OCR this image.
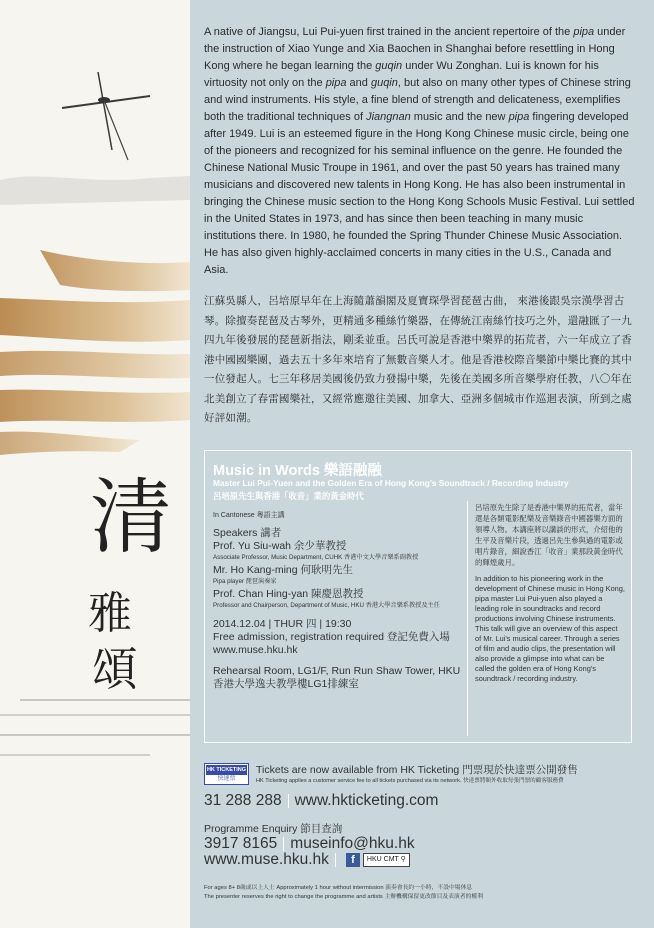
清
雅
頌
A native of Jiangsu, Lui Pui-yuen first trained in the ancient repertoire of the pipa under the instruction of Xiao Yunge and Xia Baochen in Shanghai before resettling in Hong Kong where he began learning the guqin under Wu Zonghan. Lui is known for his virtuosity not only on the pipa and guqin, but also on many other types of Chinese string and wind instruments. His style, a fine blend of strength and delicateness, exemplifies both the traditional techniques of Jiangnan music and the new pipa fingering developed after 1949. Lui is an esteemed figure in the Hong Kong Chinese music circle, being one of the pioneers and recognized for his seminal influence on the genre. He founded the Chinese National Music Troupe in 1961, and over the past 50 years has trained many musicians and discovered new talents in Hong Kong. He has also been instrumental in bringing the Chinese music section to the Hong Kong Schools Music Festival. Lui settled in the United States in 1973, and has since then been teaching in many music institutions there. In 1980, he founded the Spring Thunder Chinese Music Association. He has also given highly-acclaimed concerts in many cities in the U.S., Canada and Asia.
江蘇吳縣人，呂培原早年在上海隨蕭韻閣及夏寶琛學習琵琶古曲， 來港後跟吳宗漢學習古琴。除擅奏琵琶及古琴外，更精通多種絲竹樂器，在傳統江南絲竹技巧之外，還融匯了一九四九年後發展的琵琶新指法，剛柔並重。呂氏可說是香港中樂界的拓荒者，六一年成立了香港中國國樂團，過去五十多年來培育了無數音樂人才。他是香港校際音樂節中樂比賽的其中一位發起人。七三年移居美國後仍致力發揚中樂，先後在美國多所音樂學府任教，八〇年在北美創立了春雷國樂社，又經常應邀往美國、加拿大、亞洲多個城市作巡迴表演，所到之處好評如潮。
Music in Words 樂語融融
Master Lui Pui-Yuen and the Golden Era of Hong Kong's Soundtrack / Recording Industry
呂培原先生與香港「收音」業的黃金時代
In Cantonese 粵語主講
Speakers 講者
Prof. Yu Siu-wah 余少華教授
Associate Professor, Music Department, CUHK 香港中文大學音樂系副教授
Mr. Ho Kang-ming 何耿明先生
Pipa player 琵琶演奏家
Prof. Chan Hing-yan 陳慶恩教授
Professor and Chairperson, Department of Music, HKU 香港大學音樂系教授及主任
2014.12.04 | THUR 四 | 19:30
Free admission, registration required 登記免費入場
www.muse.hku.hk
Rehearsal Room, LG1/F, Run Run Shaw Tower, HKU
香港大學逸夫教學樓LG1排練室
呂培原先生除了是香港中樂界的拓荒者，當年還是各類電影配樂及音樂錄音中國器樂方面的領導人物。本講座將以講談的形式，介紹他的生平及音樂片段，透過呂先生參與過的電影或唱片錄音，細說香江「收音」業那段黃金時代的輝煌歲月。
In addition to his pioneering work in the development of Chinese music in Hong Kong, pipa master Lui Pui-yuen also played a leading role in soundtracks and record productions involving Chinese instruments. This talk will give an overview of this aspect of Mr. Lui's musical career. Through a series of film and audio clips, the presentation will also provide a glimpse into what can be called the golden era of Hong Kong's soundtrack / recording industry.
HK TICKETING
快達票
Tickets are now available from HK Ticketing 門票現於快達票公開發售
HK Ticketing applies a customer service fee to all tickets purchased via its network. 快達票將額外收取每張門票的顧客服務費
31 288 288 www.hkticketing.com
Programme Enquiry 節目查詢
3917 8165 museinfo@hku.hk
www.muse.hku.hk f HKU CMT ⚲
For ages 8+ 8歲或以上人士 Approximately 1 hour without intermission 演奏會長約一小時，不設中場休息
The presenter reserves the right to change the programme and artists 主辦機構保留更改節目及表演者的權利
